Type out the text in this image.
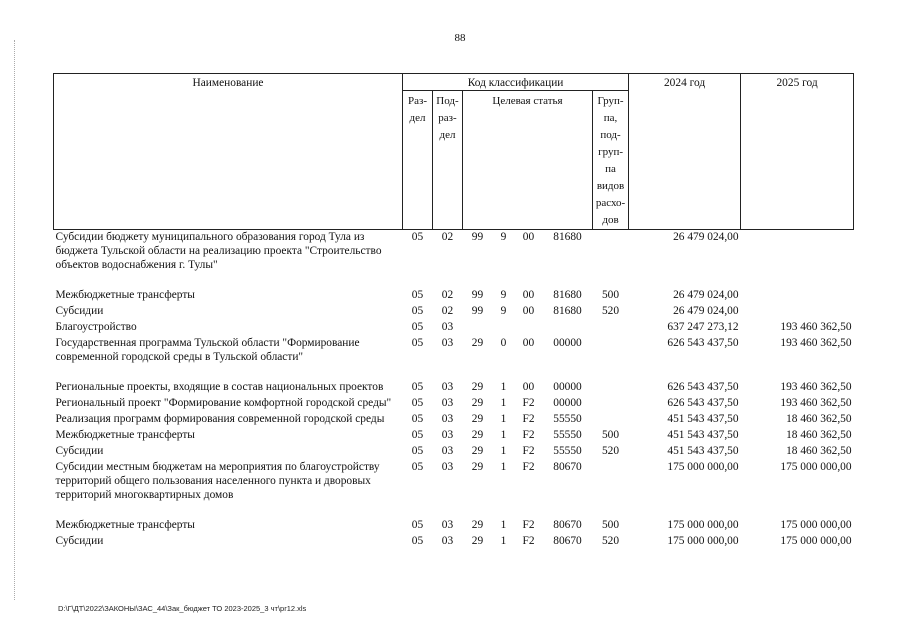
88
Наименование	Код классификации							2024 год	2025 год
	Раз-дел	Под-раз-дел	Целевая статья				Груп-па, под-груп-па видов расхо-дов		
Субсидии бюджету муниципального образования город Тула из бюджета Тульской области на реализацию проекта "Строительство объектов водоснабжения г. Тулы"	05	02	99	9	00	81680		26 479 024,00	
Межбюджетные трансферты	05	02	99	9	00	81680	500	26 479 024,00	
Субсидии	05	02	99	9	00	81680	520	26 479 024,00	
Благоустройство	05	03						637 247 273,12	193 460 362,50
Государственная программа Тульской области "Формирование современной городской среды в Тульской области"	05	03	29	0	00	00000		626 543 437,50	193 460 362,50
Региональные проекты, входящие в состав национальных проектов	05	03	29	1	00	00000		626 543 437,50	193 460 362,50
Региональный проект "Формирование комфортной городской среды"	05	03	29	1	F2	00000		626 543 437,50	193 460 362,50
Реализация программ формирования современной городской среды	05	03	29	1	F2	55550		451 543 437,50	18 460 362,50
Межбюджетные трансферты	05	03	29	1	F2	55550	500	451 543 437,50	18 460 362,50
Субсидии	05	03	29	1	F2	55550	520	451 543 437,50	18 460 362,50
Субсидии местным бюджетам на мероприятия по благоустройству территорий общего пользования населенного пункта и дворовых территорий многоквартирных домов	05	03	29	1	F2	80670		175 000 000,00	175 000 000,00
Межбюджетные трансферты	05	03	29	1	F2	80670	500	175 000 000,00	175 000 000,00
Субсидии	05	03	29	1	F2	80670	520	175 000 000,00	175 000 000,00
D:\Г\ДТ\2022\ЗАКОНЫ\ЗАС_44\Зак_бюджет ТО 2023-2025_3 чт\pr12.xls
